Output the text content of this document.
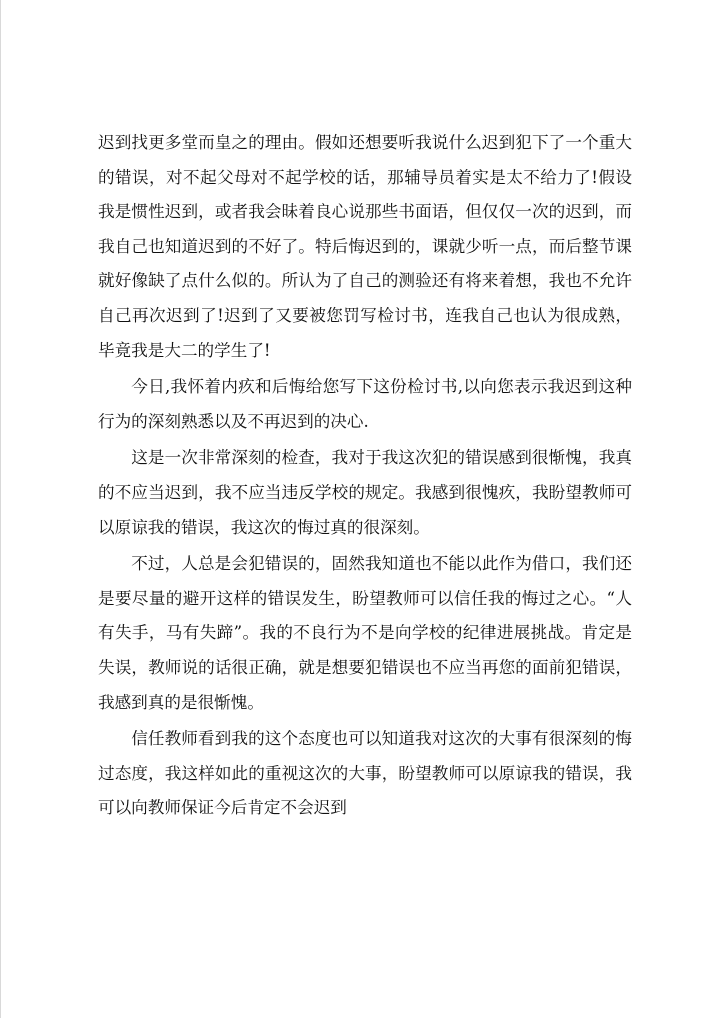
迟到找更多堂而皇之的理由。假如还想要听我说什么迟到犯下了一个重大的错误，对不起父母对不起学校的话，那辅导员着实是太不给力了!假设我是惯性迟到，或者我会昧着良心说那些书面语，但仅仅一次的迟到，而我自己也知道迟到的不好了。特后悔迟到的，课就少听一点，而后整节课就好像缺了点什么似的。所认为了自己的测验还有将来着想，我也不允许自己再次迟到了!迟到了又要被您罚写检讨书，连我自己也认为很成熟，毕竟我是大二的学生了!

今日,我怀着内疚和后悔给您写下这份检讨书,以向您表示我迟到这种行为的深刻熟悉以及不再迟到的决心.

这是一次非常深刻的检查，我对于我这次犯的错误感到很惭愧，我真的不应当迟到，我不应当违反学校的规定。我感到很愧疚，我盼望教师可以原谅我的错误，我这次的悔过真的很深刻。

不过，人总是会犯错误的，固然我知道也不能以此作为借口，我们还是要尽量的避开这样的错误发生，盼望教师可以信任我的悔过之心。“人有失手，马有失蹄”。我的不良行为不是向学校的纪律进展挑战。肯定是失误，教师说的话很正确，就是想要犯错误也不应当再您的面前犯错误，我感到真的是很惭愧。

信任教师看到我的这个态度也可以知道我对这次的大事有很深刻的悔过态度，我这样如此的重视这次的大事，盼望教师可以原谅我的错误，我可以向教师保证今后肯定不会迟到
